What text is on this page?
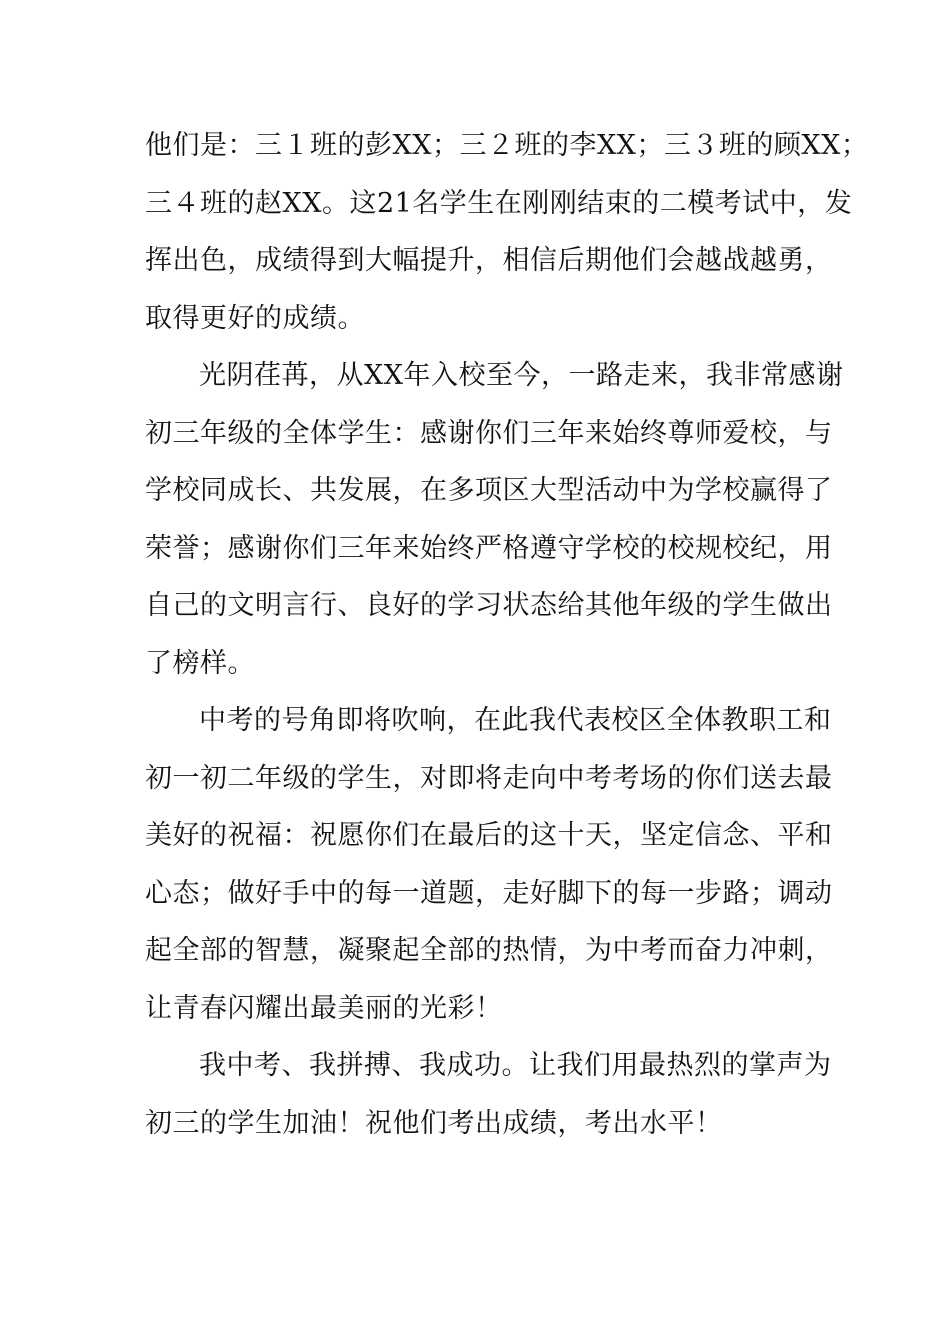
他们是：三１班的彭XX；三２班的李XX；三３班的顾XX；
三４班的赵XX。这21名学生在刚刚结束的二模考试中，发
挥出色，成绩得到大幅提升，相信后期他们会越战越勇，
取得更好的成绩。
光阴荏苒，从XX年入校至今，一路走来，我非常感谢
初三年级的全体学生：感谢你们三年来始终尊师爱校，与
学校同成长、共发展，在多项区大型活动中为学校赢得了
荣誉；感谢你们三年来始终严格遵守学校的校规校纪，用
自己的文明言行、良好的学习状态给其他年级的学生做出
了榜样。
中考的号角即将吹响，在此我代表校区全体教职工和
初一初二年级的学生，对即将走向中考考场的你们送去最
美好的祝福：祝愿你们在最后的这十天，坚定信念、平和
心态；做好手中的每一道题，走好脚下的每一步路；调动
起全部的智慧，凝聚起全部的热情，为中考而奋力冲刺，
让青春闪耀出最美丽的光彩！
我中考、我拼搏、我成功。让我们用最热烈的掌声为
初三的学生加油！祝他们考出成绩，考出水平！
